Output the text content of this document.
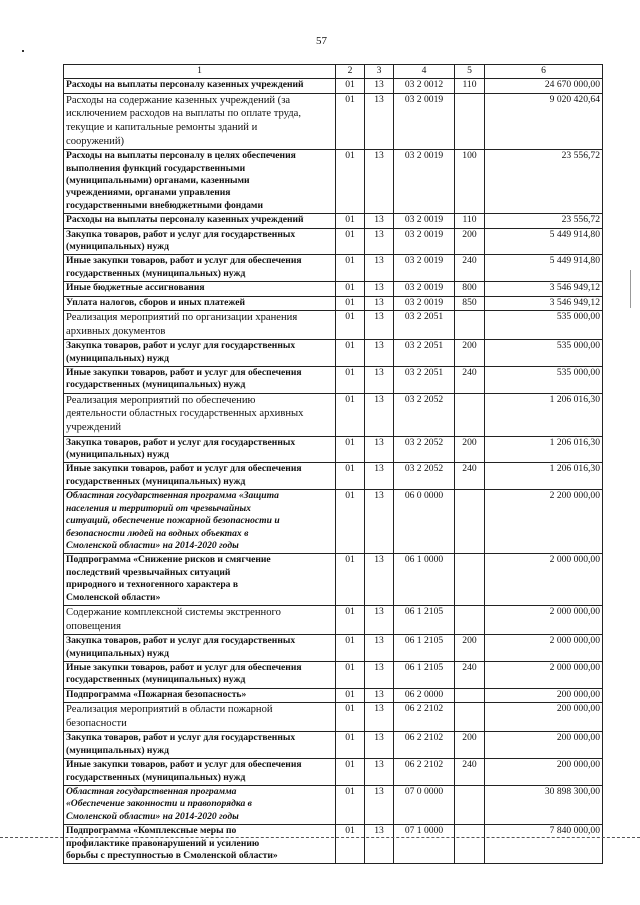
57
1	2	3	4	5	6

Расходы на выплаты персоналу казенных учреждений	01	13	03 2 0012	110	24 670 000,00

Расходы на содержание казенных учреждений (за
исключением расходов на выплаты по оплате труда,
текущие и капитальные ремонты зданий и
сооружений)	01	13	03 2 0019		9 020 420,64

Расходы на выплаты персоналу в целях обеспечения
выполнения функций государственными
(муниципальными) органами, казенными
учреждениями, органами управления
государственными внебюджетными фондами	01	13	03 2 0019	100	23 556,72

Расходы на выплаты персоналу казенных учреждений	01	13	03 2 0019	110	23 556,72

Закупка товаров, работ и услуг для государственных
(муниципальных) нужд	01	13	03 2 0019	200	5 449 914,80

Иные закупки товаров, работ и услуг для обеспечения
государственных (муниципальных) нужд	01	13	03 2 0019	240	5 449 914,80

Иные бюджетные ассигнования	01	13	03 2 0019	800	3 546 949,12

Уплата налогов, сборов и иных платежей	01	13	03 2 0019	850	3 546 949,12

Реализация мероприятий по организации хранения
архивных документов	01	13	03 2 2051		535 000,00

Закупка товаров, работ и услуг для государственных
(муниципальных) нужд	01	13	03 2 2051	200	535 000,00

Иные закупки товаров, работ и услуг для обеспечения
государственных (муниципальных) нужд	01	13	03 2 2051	240	535 000,00

Реализация мероприятий по обеспечению
деятельности областных государственных архивных
учреждений	01	13	03 2 2052		1 206 016,30

Закупка товаров, работ и услуг для государственных
(муниципальных) нужд	01	13	03 2 2052	200	1 206 016,30

Иные закупки товаров, работ и услуг для обеспечения
государственных (муниципальных) нужд	01	13	03 2 2052	240	1 206 016,30

Областная государственная программа «Защита
населения и территорий от чрезвычайных
ситуаций, обеспечение пожарной безопасности и
безопасности людей на водных объектах в
Смоленской области» на 2014-2020 годы	01	13	06 0 0000		2 200 000,00

Подпрограмма «Снижение рисков и смягчение
последствий чрезвычайных ситуаций
природного и техногенного характера в
Смоленской области»	01	13	06 1 0000		2 000 000,00

Содержание комплексной системы экстренного
оповещения	01	13	06 1 2105		2 000 000,00

Закупка товаров, работ и услуг для государственных
(муниципальных) нужд	01	13	06 1 2105	200	2 000 000,00

Иные закупки товаров, работ и услуг для обеспечения
государственных (муниципальных) нужд	01	13	06 1 2105	240	2 000 000,00

Подпрограмма «Пожарная безопасность»	01	13	06 2 0000		200 000,00

Реализация мероприятий в области пожарной
безопасности	01	13	06 2 2102		200 000,00

Закупка товаров, работ и услуг для государственных
(муниципальных) нужд	01	13	06 2 2102	200	200 000,00

Иные закупки товаров, работ и услуг для обеспечения
государственных (муниципальных) нужд	01	13	06 2 2102	240	200 000,00

Областная государственная программа
«Обеспечение законности и правопорядка в
Смоленской области» на 2014-2020 годы	01	13	07 0 0000		30 898 300,00

Подпрограмма «Комплексные меры по
профилактике правонарушений и усилению
борьбы с преступностью в Смоленской области»	01	13	07 1 0000		7 840 000,00
